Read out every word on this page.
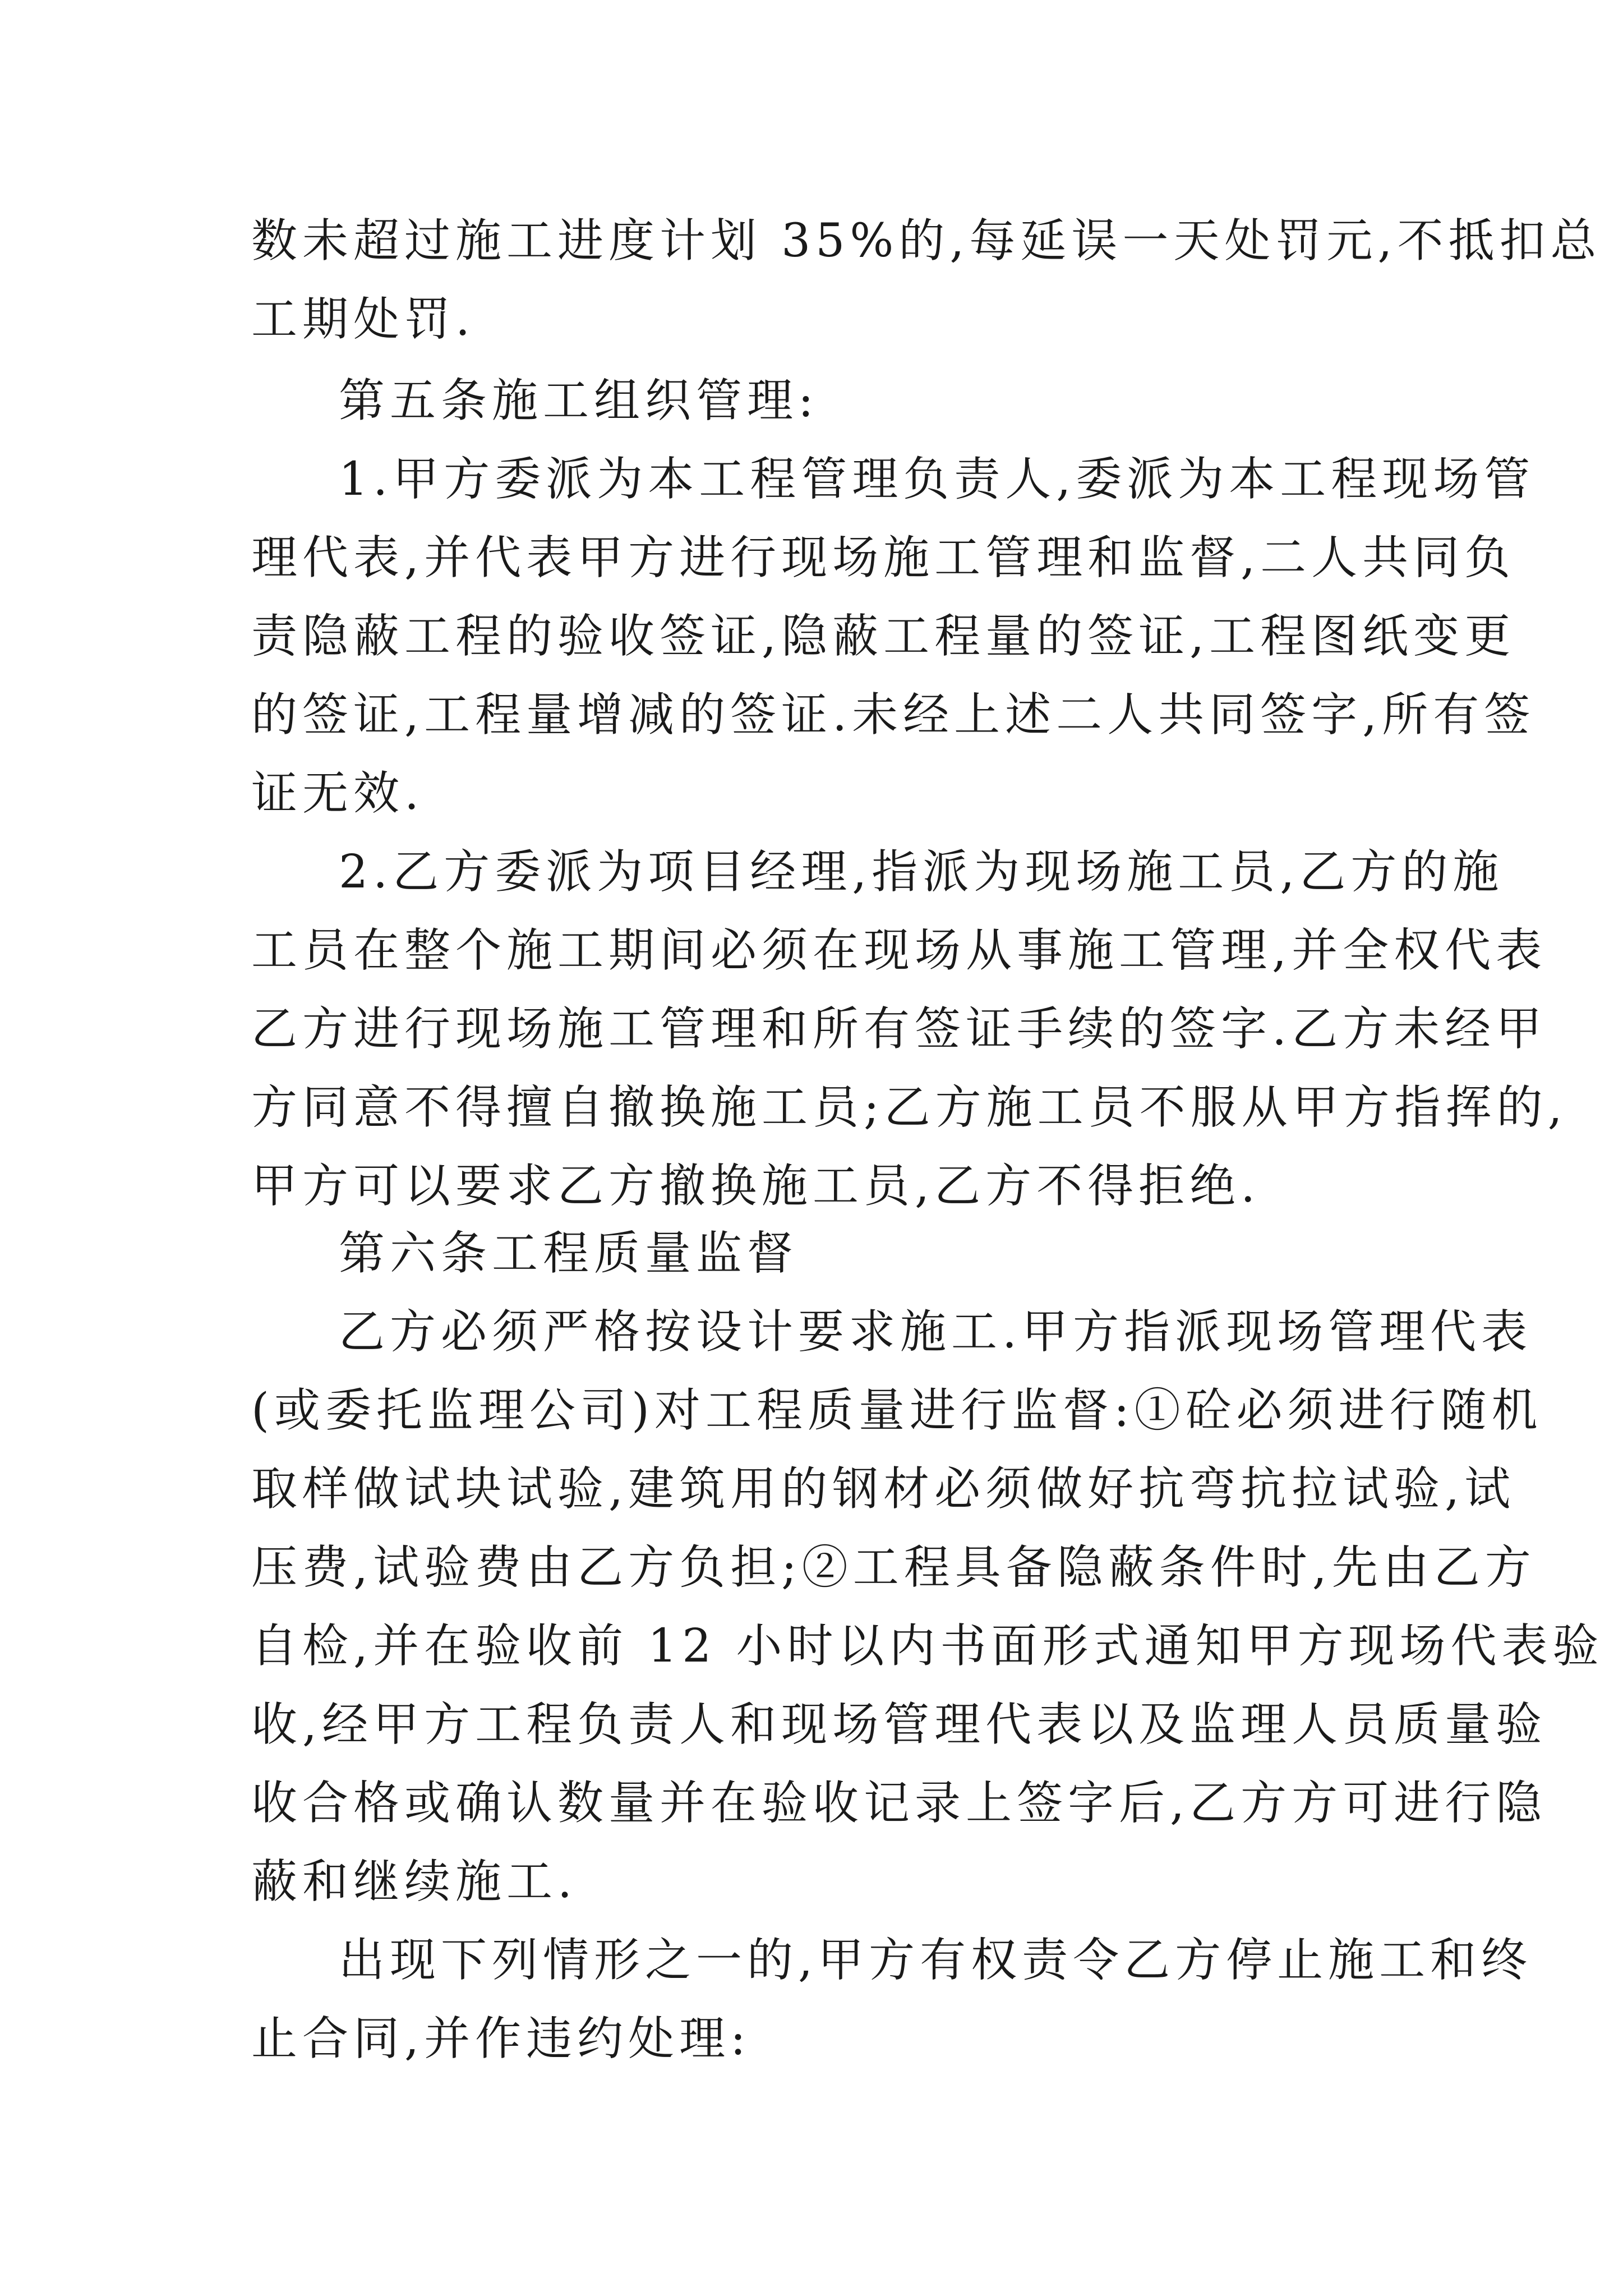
数未超过施工进度计划 35%的,每延误一天处罚元,不抵扣总
工期处罚.
第五条施工组织管理:
1.甲方委派为本工程管理负责人,委派为本工程现场管
理代表,并代表甲方进行现场施工管理和监督,二人共同负
责隐蔽工程的验收签证,隐蔽工程量的签证,工程图纸变更
的签证,工程量增减的签证.未经上述二人共同签字,所有签
证无效.
2.乙方委派为项目经理,指派为现场施工员,乙方的施
工员在整个施工期间必须在现场从事施工管理,并全权代表
乙方进行现场施工管理和所有签证手续的签字.乙方未经甲
方同意不得擅自撤换施工员;乙方施工员不服从甲方指挥的,
甲方可以要求乙方撤换施工员,乙方不得拒绝.
第六条工程质量监督
乙方必须严格按设计要求施工.甲方指派现场管理代表
(或委托监理公司)对工程质量进行监督:①砼必须进行随机
取样做试块试验,建筑用的钢材必须做好抗弯抗拉试验,试
压费,试验费由乙方负担;②工程具备隐蔽条件时,先由乙方
自检,并在验收前 12 小时以内书面形式通知甲方现场代表验
收,经甲方工程负责人和现场管理代表以及监理人员质量验
收合格或确认数量并在验收记录上签字后,乙方方可进行隐
蔽和继续施工.
出现下列情形之一的,甲方有权责令乙方停止施工和终
止合同,并作违约处理:
